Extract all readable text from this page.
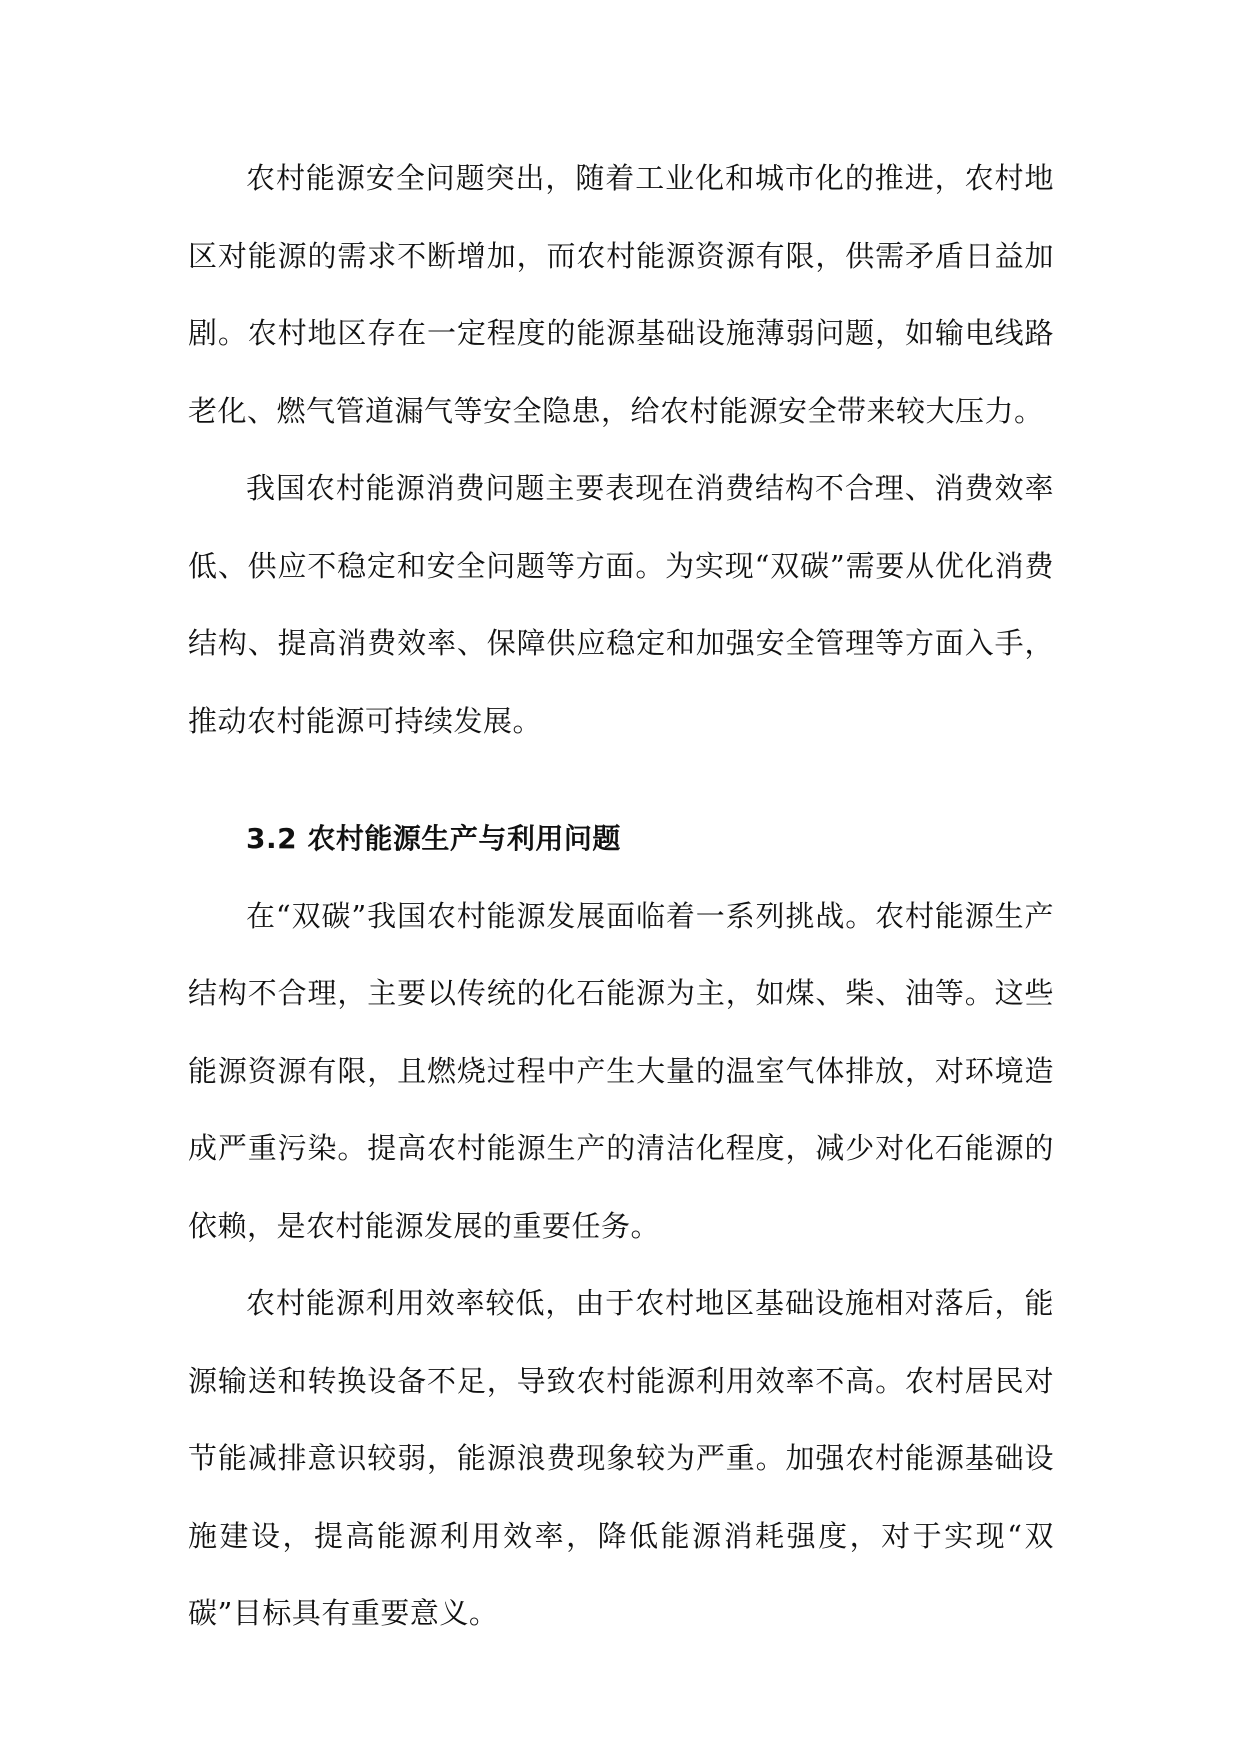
农村能源安全问题突出，随着工业化和城市化的推进，农村地区对能源的需求不断增加，而农村能源资源有限，供需矛盾日益加剧。农村地区存在一定程度的能源基础设施薄弱问题，如输电线路老化、燃气管道漏气等安全隐患，给农村能源安全带来较大压力。

我国农村能源消费问题主要表现在消费结构不合理、消费效率低、供应不稳定和安全问题等方面。为实现“双碳”需要从优化消费结构、提高消费效率、保障供应稳定和加强安全管理等方面入手，推动农村能源可持续发展。

3.2 农村能源生产与利用问题

在“双碳”我国农村能源发展面临着一系列挑战。农村能源生产结构不合理，主要以传统的化石能源为主，如煤、柴、油等。这些能源资源有限，且燃烧过程中产生大量的温室气体排放，对环境造成严重污染。提高农村能源生产的清洁化程度，减少对化石能源的依赖，是农村能源发展的重要任务。

农村能源利用效率较低，由于农村地区基础设施相对落后，能源输送和转换设备不足，导致农村能源利用效率不高。农村居民对节能减排意识较弱，能源浪费现象较为严重。加强农村能源基础设施建设，提高能源利用效率，降低能源消耗强度，对于实现“双碳”目标具有重要意义。
